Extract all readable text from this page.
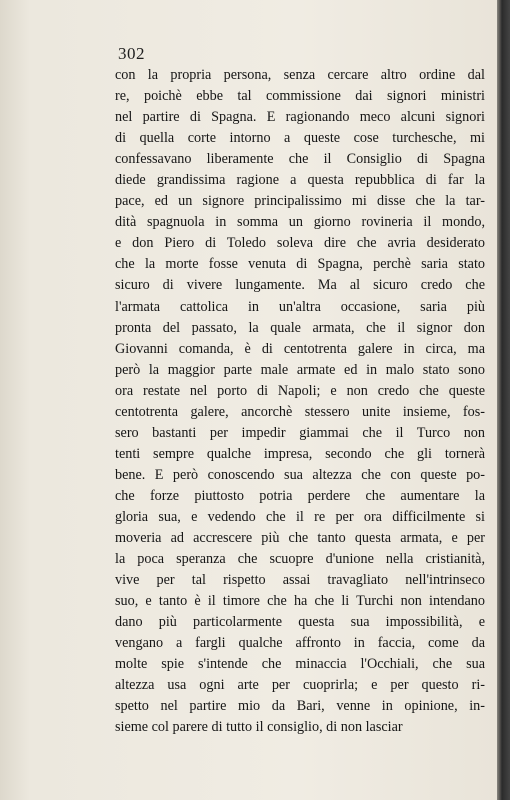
302
con la propria persona, senza cercare altro ordine dal
re, poichè ebbe tal commissione dai signori ministri
nel partire di Spagna. E ragionando meco alcuni signori
di quella corte intorno a queste cose turchesche, mi
confessavano liberamente che il Consiglio di Spagna
diede grandissima ragione a questa repubblica di far la
pace, ed un signore principalissimo mi disse che la tar-
dità spagnuola in somma un giorno rovineria il mondo,
e don Piero di Toledo soleva dire che avria desiderato
che la morte fosse venuta di Spagna, perchè saria stato
sicuro di vivere lungamente. Ma al sicuro credo che
l'armata cattolica in un'altra occasione, saria più
pronta del passato, la quale armata, che il signor don
Giovanni comanda, è di centotrenta galere in circa, ma
però la maggior parte male armate ed in malo stato sono
ora restate nel porto di Napoli; e non credo che queste
centotrenta galere, ancorchè stessero unite insieme, fos-
sero bastanti per impedir giammai che il Turco non
tenti sempre qualche impresa, secondo che gli tornerà
bene. E però conoscendo sua altezza che con queste po-
che forze piuttosto potria perdere che aumentare la
gloria sua, e vedendo che il re per ora difficilmente si
moveria ad accrescere più che tanto questa armata, e per
la poca speranza che scuopre d'unione nella cristianità,
vive per tal rispetto assai travagliato nell'intrinseco
suo, e tanto è il timore che ha che li Turchi non intendano
dano più particolarmente questa sua impossibilità, e
vengano a fargli qualche affronto in faccia, come da
molte spie s'intende che minaccia l'Occhiali, che sua
altezza usa ogni arte per cuoprirla; e per questo ri-
spetto nel partire mio da Bari, venne in opinione, in-
sieme col parere di tutto il consiglio, di non lasciar
